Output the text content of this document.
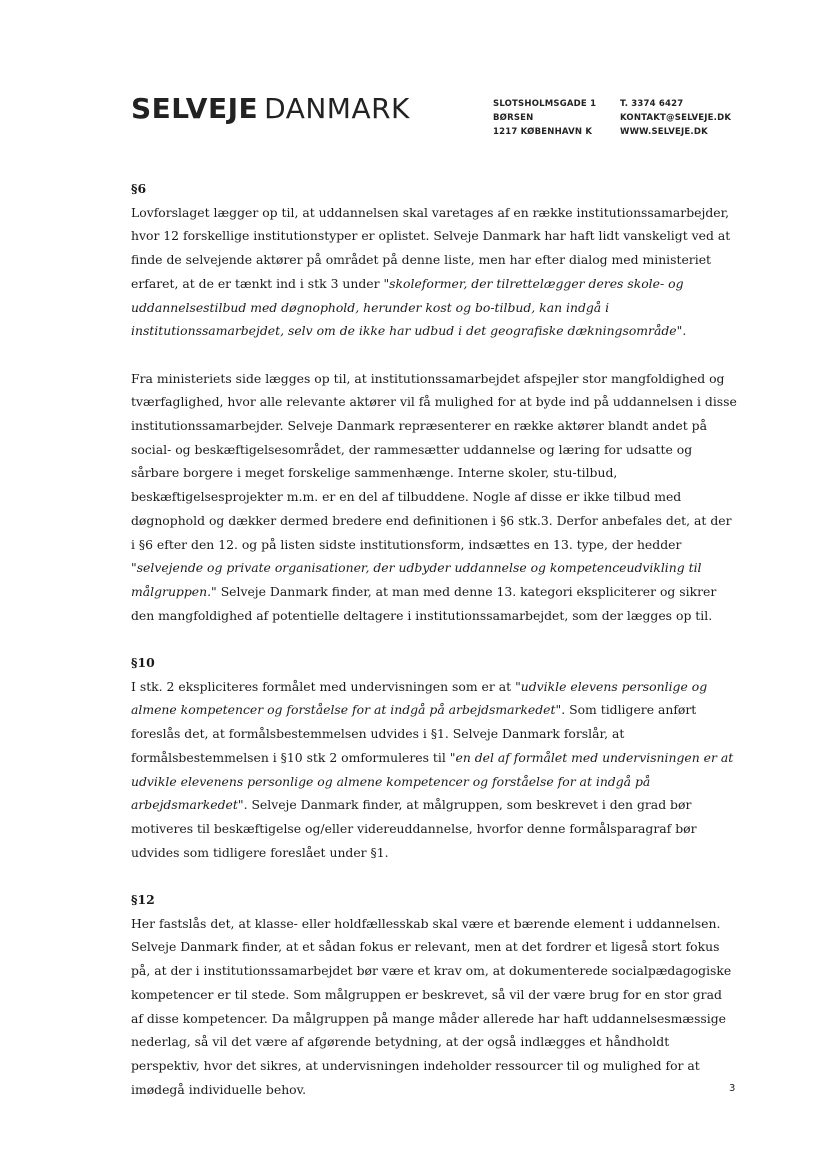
SELVEJE DANMARK	SLOTSHOLMSGADE 1
BØRSEN
1217 KØBENHAVN K
T. 3374 6427
KONTAKT@SELVEJE.DK
WWW.SELVEJE.DK

§6

Lovforslaget lægger op til, at uddannelsen skal varetages af en række institutionssamarbejder, hvor 12 forskellige institutionstyper er oplistet. Selveje Danmark har haft lidt vanskeligt ved at finde de selvejende aktører på området på denne liste, men har efter dialog med ministeriet erfaret, at de er tænkt ind i stk 3 under "skoleformer, der tilrettelægger deres skole- og uddannelsestilbud med døgnophold, herunder kost og bo-tilbud, kan indgå i institutionssamarbejdet, selv om de ikke har udbud i det geografiske dækningsområde".

Fra ministeriets side lægges op til, at institutionssamarbejdet afspejler stor mangfoldighed og tværfaglighed, hvor alle relevante aktører vil få mulighed for at byde ind på uddannelsen i disse institutionssamarbejder. Selveje Danmark repræsenterer en række aktører blandt andet på social- og beskæftigelsesområdet, der rammesætter uddannelse og læring for udsatte og sårbare borgere i meget forskelige sammenhænge. Interne skoler, stu-tilbud, beskæftigelsesprojekter m.m. er en del af tilbuddene. Nogle af disse er ikke tilbud med døgnophold og dækker dermed bredere end definitionen i §6 stk.3. Derfor anbefales det, at der i §6 efter den 12. og på listen sidste institutionsform, indsættes en 13. type, der hedder "selvejende og private organisationer, der udbyder uddannelse og kompetenceudvikling til målgruppen." Selveje Danmark finder, at man med denne 13. kategori ekspliciterer og sikrer den mangfoldighed af potentielle deltagere i institutionssamarbejdet, som der lægges op til.

§10

I stk. 2 ekspliciteres formålet med undervisningen som er at "udvikle elevens personlige og almene kompetencer og forståelse for at indgå på arbejdsmarkedet". Som tidligere anført foreslås det, at formålsbestemmelsen udvides i §1. Selveje Danmark forslår, at formålsbestemmelsen i §10 stk 2 omformuleres til "en del af formålet med undervisningen er at udvikle elevenens personlige og almene kompetencer og forståelse for at indgå på arbejdsmarkedet". Selveje Danmark finder, at målgruppen, som beskrevet i den grad bør motiveres til beskæftigelse og/eller videreuddannelse, hvorfor denne formålsparagraf bør udvides som tidligere foreslået under §1.

§12

Her fastslås det, at klasse- eller holdfællesskab skal være et bærende element i uddannelsen. Selveje Danmark finder, at et sådan fokus er relevant, men at det fordrer et ligeså stort fokus på, at der i institutionssamarbejdet bør være et krav om, at dokumenterede socialpædagogiske kompetencer er til stede. Som målgruppen er beskrevet, så vil der være brug for en stor grad af disse kompetencer. Da målgruppen på mange måder allerede har haft uddannelsesmæssige nederlag, så vil det være af afgørende betydning, at der også indlægges et håndholdt perspektiv, hvor det sikres, at undervisningen indeholder ressourcer til og mulighed for at imødegå individuelle behov.	3
